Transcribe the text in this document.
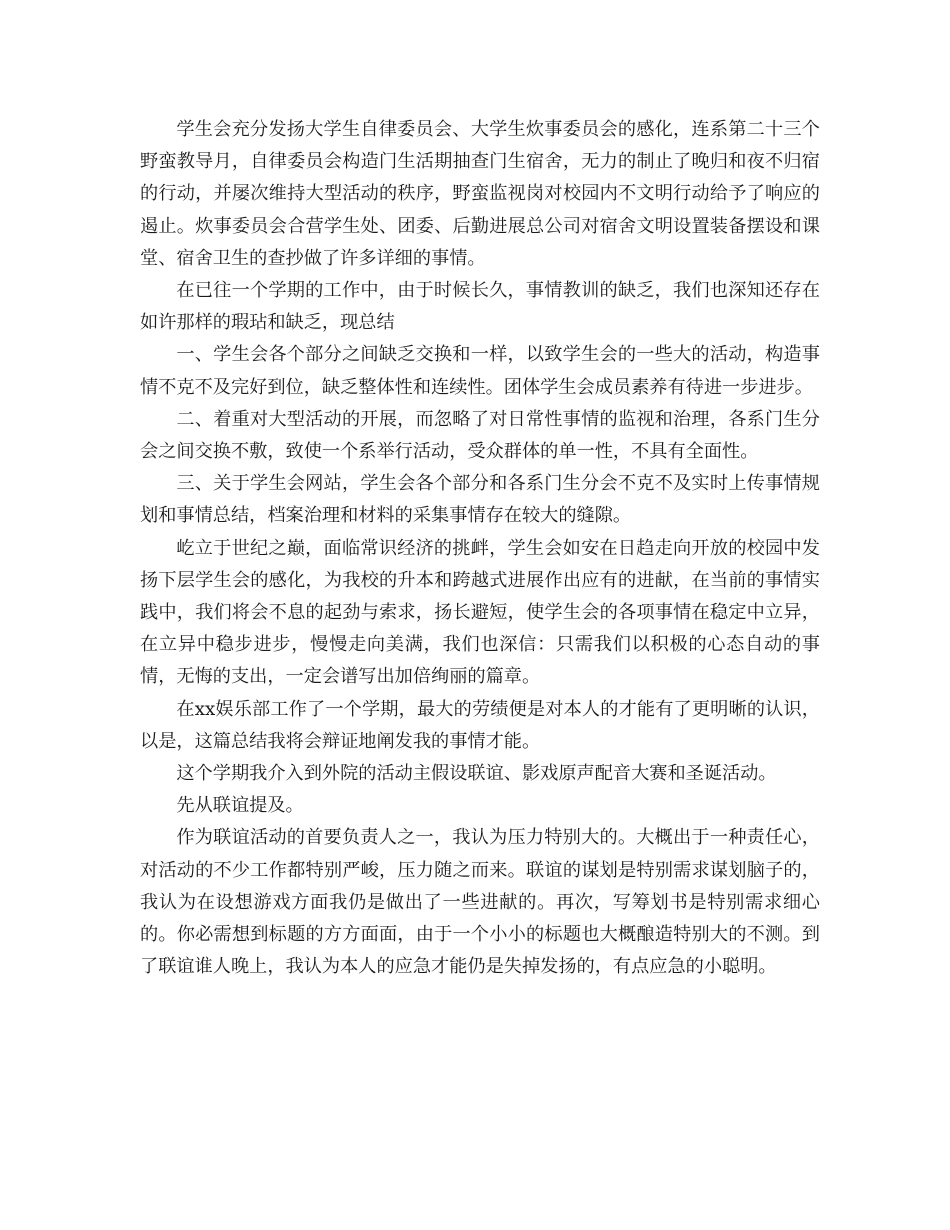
学生会充分发扬大学生自律委员会、大学生炊事委员会的感化，连系第二十三个野蛮教导月，自律委员会构造门生活期抽查门生宿舍，无力的制止了晚归和夜不归宿的行动，并屡次维持大型活动的秩序，野蛮监视岗对校园内不文明行动给予了响应的遏止。炊事委员会合营学生处、团委、后勤进展总公司对宿舍文明设置装备摆设和课堂、宿舍卫生的查抄做了许多详细的事情。

在已往一个学期的工作中，由于时候长久，事情教训的缺乏，我们也深知还存在如许那样的瑕玷和缺乏，现总结

一、学生会各个部分之间缺乏交换和一样，以致学生会的一些大的活动，构造事情不克不及完好到位，缺乏整体性和连续性。团体学生会成员素养有待进一步进步。

二、着重对大型活动的开展，而忽略了对日常性事情的监视和治理，各系门生分会之间交换不敷，致使一个系举行活动，受众群体的单一性，不具有全面性。

三、关于学生会网站，学生会各个部分和各系门生分会不克不及实时上传事情规划和事情总结，档案治理和材料的采集事情存在较大的缝隙。

屹立于世纪之巅，面临常识经济的挑衅，学生会如安在日趋走向开放的校园中发扬下层学生会的感化，为我校的升本和跨越式进展作出应有的进献，在当前的事情实践中，我们将会不息的起劲与索求，扬长避短，使学生会的各项事情在稳定中立异，在立异中稳步进步，慢慢走向美满，我们也深信：只需我们以积极的心态自动的事情，无悔的支出，一定会谱写出加倍绚丽的篇章。

在xx娱乐部工作了一个学期，最大的劳绩便是对本人的才能有了更明晰的认识，以是，这篇总结我将会辩证地阐发我的事情才能。

这个学期我介入到外院的活动主假设联谊、影戏原声配音大赛和圣诞活动。

先从联谊提及。

作为联谊活动的首要负责人之一，我认为压力特别大的。大概出于一种责任心，对活动的不少工作都特别严峻，压力随之而来。联谊的谋划是特别需求谋划脑子的，我认为在设想游戏方面我仍是做出了一些进献的。再次，写筹划书是特别需求细心的。你必需想到标题的方方面面，由于一个小小的标题也大概酿造特别大的不测。到了联谊谁人晚上，我认为本人的应急才能仍是失掉发扬的，有点应急的小聪明。
